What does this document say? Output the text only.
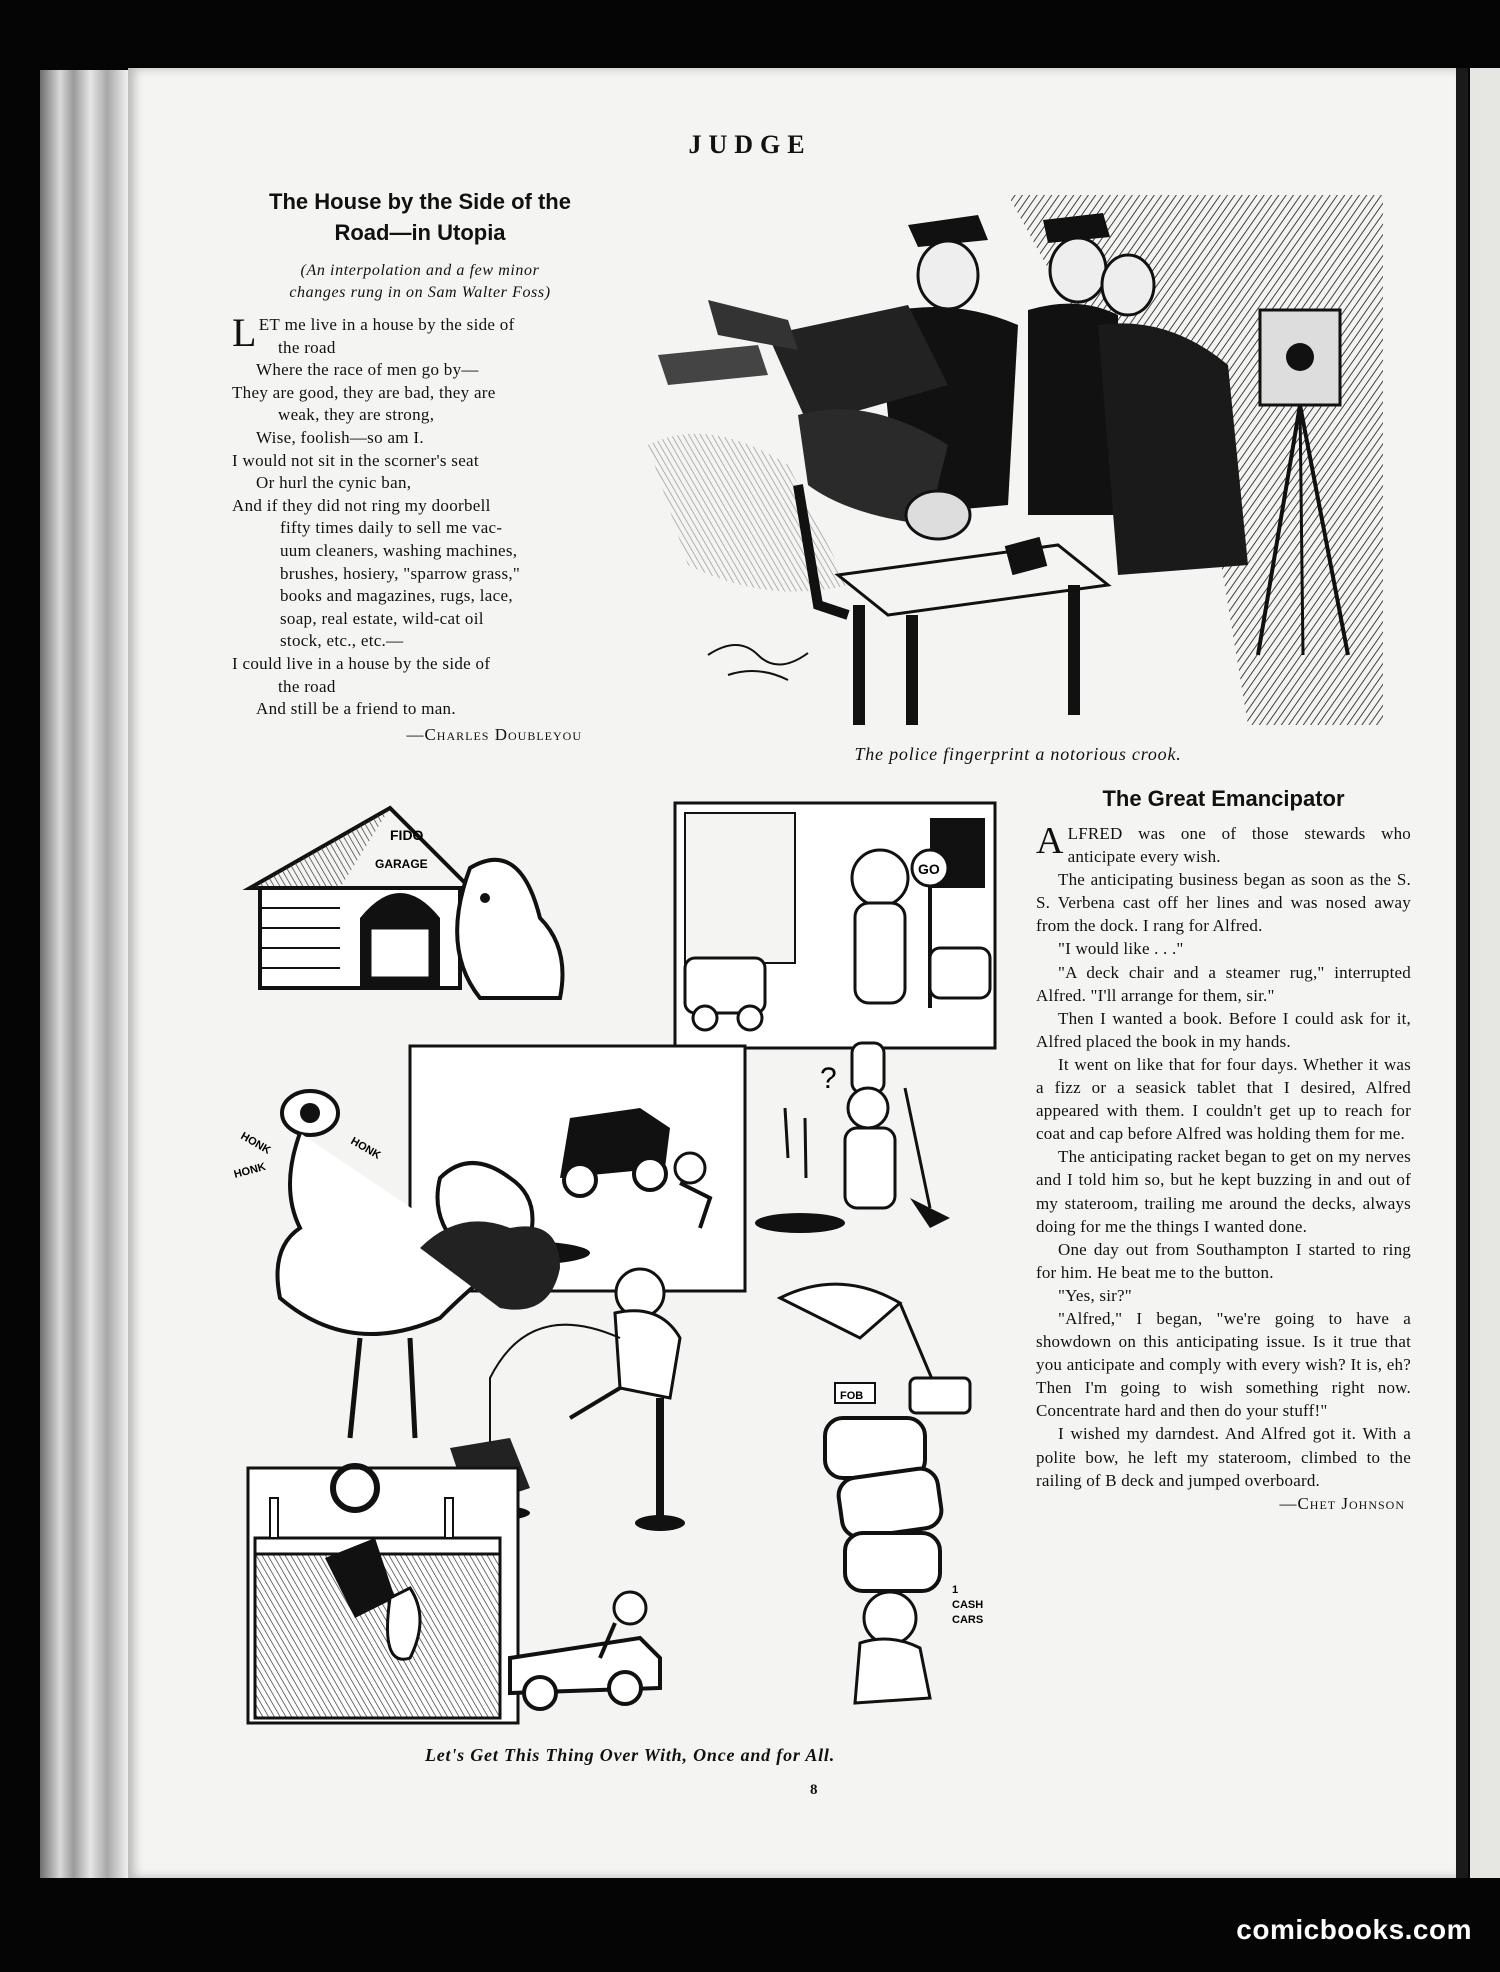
JUDGE
The House by the Side of the
Road—in Utopia
(An interpolation and a few minor
changes rung in on Sam Walter Foss)
LET me live in a house by the side of
the road
Where the race of men go by—
They are good, they are bad, they are
weak, they are strong,
Wise, foolish—so am I.
I would not sit in the scorner's seat
Or hurl the cynic ban,
And if they did not ring my doorbell
fifty times daily to sell me vac-
uum cleaners, washing machines,
brushes, hosiery, "sparrow grass,"
books and magazines, rugs, lace,
soap, real estate, wild-cat oil
stock, etc., etc.—
I could live in a house by the side of
the road
And still be a friend to man.
—Charles Doubleyou
The police fingerprint a notorious crook.
FIDO
GARAGE	GO
?
HONK
HONK
HONK
FOB
1
CASH
CARS
Let's Get This Thing Over With, Once and for All.
The Great Emancipator

ALFRED was one of those stewards who anticipate every wish.

The anticipating business began as soon as the S. S. Verbena cast off her lines and was nosed away from the dock. I rang for Alfred.

"I would like . . ."

"A deck chair and a steamer rug," interrupted Alfred. "I'll arrange for them, sir."

Then I wanted a book. Before I could ask for it, Alfred placed the book in my hands.

It went on like that for four days. Whether it was a fizz or a seasick tablet that I desired, Alfred appeared with them. I couldn't get up to reach for coat and cap before Alfred was holding them for me.

The anticipating racket began to get on my nerves and I told him so, but he kept buzzing in and out of my stateroom, trailing me around the decks, always doing for me the things I wanted done.

One day out from Southampton I started to ring for him. He beat me to the button.

"Yes, sir?"

"Alfred," I began, "we're going to have a showdown on this anticipating issue. Is it true that you anticipate and comply with every wish? It is, eh? Then I'm going to wish something right now. Concentrate hard and then do your stuff!"

I wished my darndest. And Alfred got it. With a polite bow, he left my stateroom, climbed to the railing of B deck and jumped overboard.

—Chet Johnson
8
comicbooks.com
